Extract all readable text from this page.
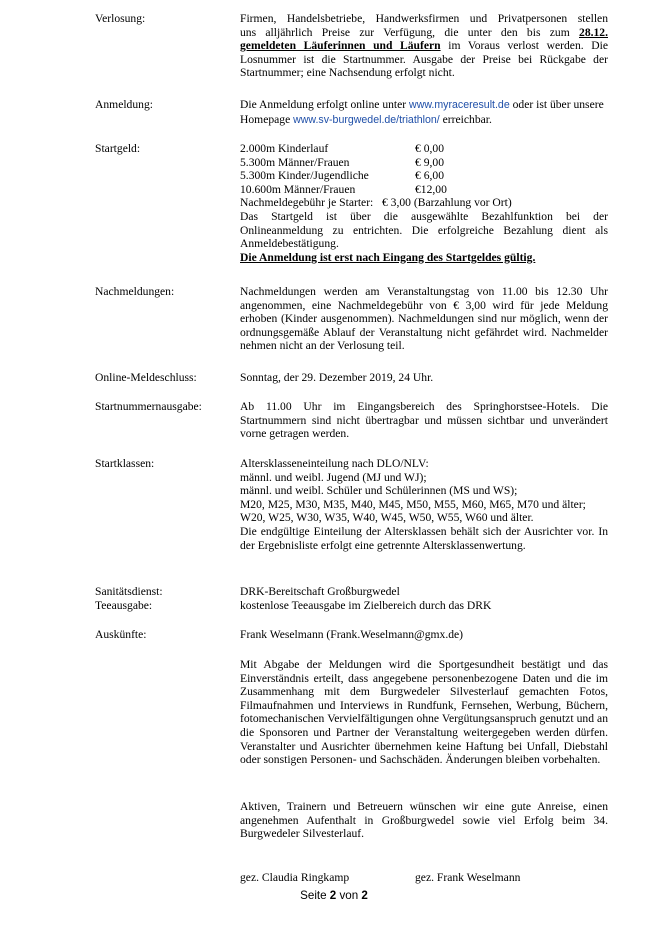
Verlosung:	Firmen, Handelsbetriebe, Handwerksfirmen und Privatpersonen stellen
uns alljährlich Preise zur Verfügung, die unter den bis zum 28.12.
gemeldeten Läuferinnen und Läufern im Voraus verlost werden. Die
Losnummer ist die Startnummer. Ausgabe der Preise bei Rückgabe der Startnummer; eine Nachsendung erfolgt nicht.
Anmeldung:	Die Anmeldung erfolgt online unter www.myraceresult.de oder ist über unsere Homepage www.sv-burgwedel.de/triathlon/ erreichbar.
Startgeld:	2.000m Kinderlauf	€ 0,00
5.300m Männer/Frauen	€ 9,00
5.300m Kinder/Jugendliche	€ 6,00
10.600m Männer/Frauen	€12,00
Nachmeldegebühr je Starter: € 3,00 (Barzahlung vor Ort)
Das Startgeld ist über die ausgewählte Bezahlfunktion bei der Onlineanmeldung zu entrichten. Die erfolgreiche Bezahlung dient als Anmeldebestätigung.
Die Anmeldung ist erst nach Eingang des Startgeldes gültig.
Nachmeldungen:	Nachmeldungen werden am Veranstaltungstag von 11.00 bis 12.30 Uhr angenommen, eine Nachmeldegebühr von € 3,00 wird für jede Meldung erhoben (Kinder ausgenommen). Nachmeldungen sind nur möglich, wenn der ordnungsgemäße Ablauf der Veranstaltung nicht gefährdet wird. Nachmelder nehmen nicht an der Verlosung teil.
Online-Meldeschluss:	Sonntag, der 29. Dezember 2019, 24 Uhr.
Startnummernausgabe:	Ab 11.00 Uhr im Eingangsbereich des Springhorstsee-Hotels. Die Startnummern sind nicht übertragbar und müssen sichtbar und unverändert vorne getragen werden.
Startklassen:	Altersklasseneinteilung nach DLO/NLV:
männl. und weibl. Jugend (MJ und WJ);
männl. und weibl. Schüler und Schülerinnen (MS und WS);
M20, M25, M30, M35, M40, M45, M50, M55, M60, M65, M70 und älter;
W20, W25, W30, W35, W40, W45, W50, W55, W60 und älter.
Die endgültige Einteilung der Altersklassen behält sich der Ausrichter vor. In der Ergebnisliste erfolgt eine getrennte Altersklassenwertung.
Sanitätsdienst:	DRK-Bereitschaft Großburgwedel
Teeausgabe:	kostenlose Teeausgabe im Zielbereich durch das DRK
Auskünfte:	Frank Weselmann (Frank.Weselmann@gmx.de)
Mit Abgabe der Meldungen wird die Sportgesundheit bestätigt und das Einverständnis erteilt, dass angegebene personenbezogene Daten und die im Zusammenhang mit dem Burgwedeler Silvesterlauf gemachten Fotos, Filmaufnahmen und Interviews in Rundfunk, Fernsehen, Werbung, Büchern, fotomechanischen Vervielfältigungen ohne Vergütungsanspruch genutzt und an die Sponsoren und Partner der Veranstaltung weitergegeben werden dürfen. Veranstalter und Ausrichter übernehmen keine Haftung bei Unfall, Diebstahl oder sonstigen Personen- und Sachschäden. Änderungen bleiben vorbehalten.
Aktiven, Trainern und Betreuern wünschen wir eine gute Anreise, einen angenehmen Aufenthalt in Großburgwedel sowie viel Erfolg beim 34. Burgwedeler Silvesterlauf.
gez. Claudia Ringkamp	gez. Frank Weselmann
Seite 2 von 2
